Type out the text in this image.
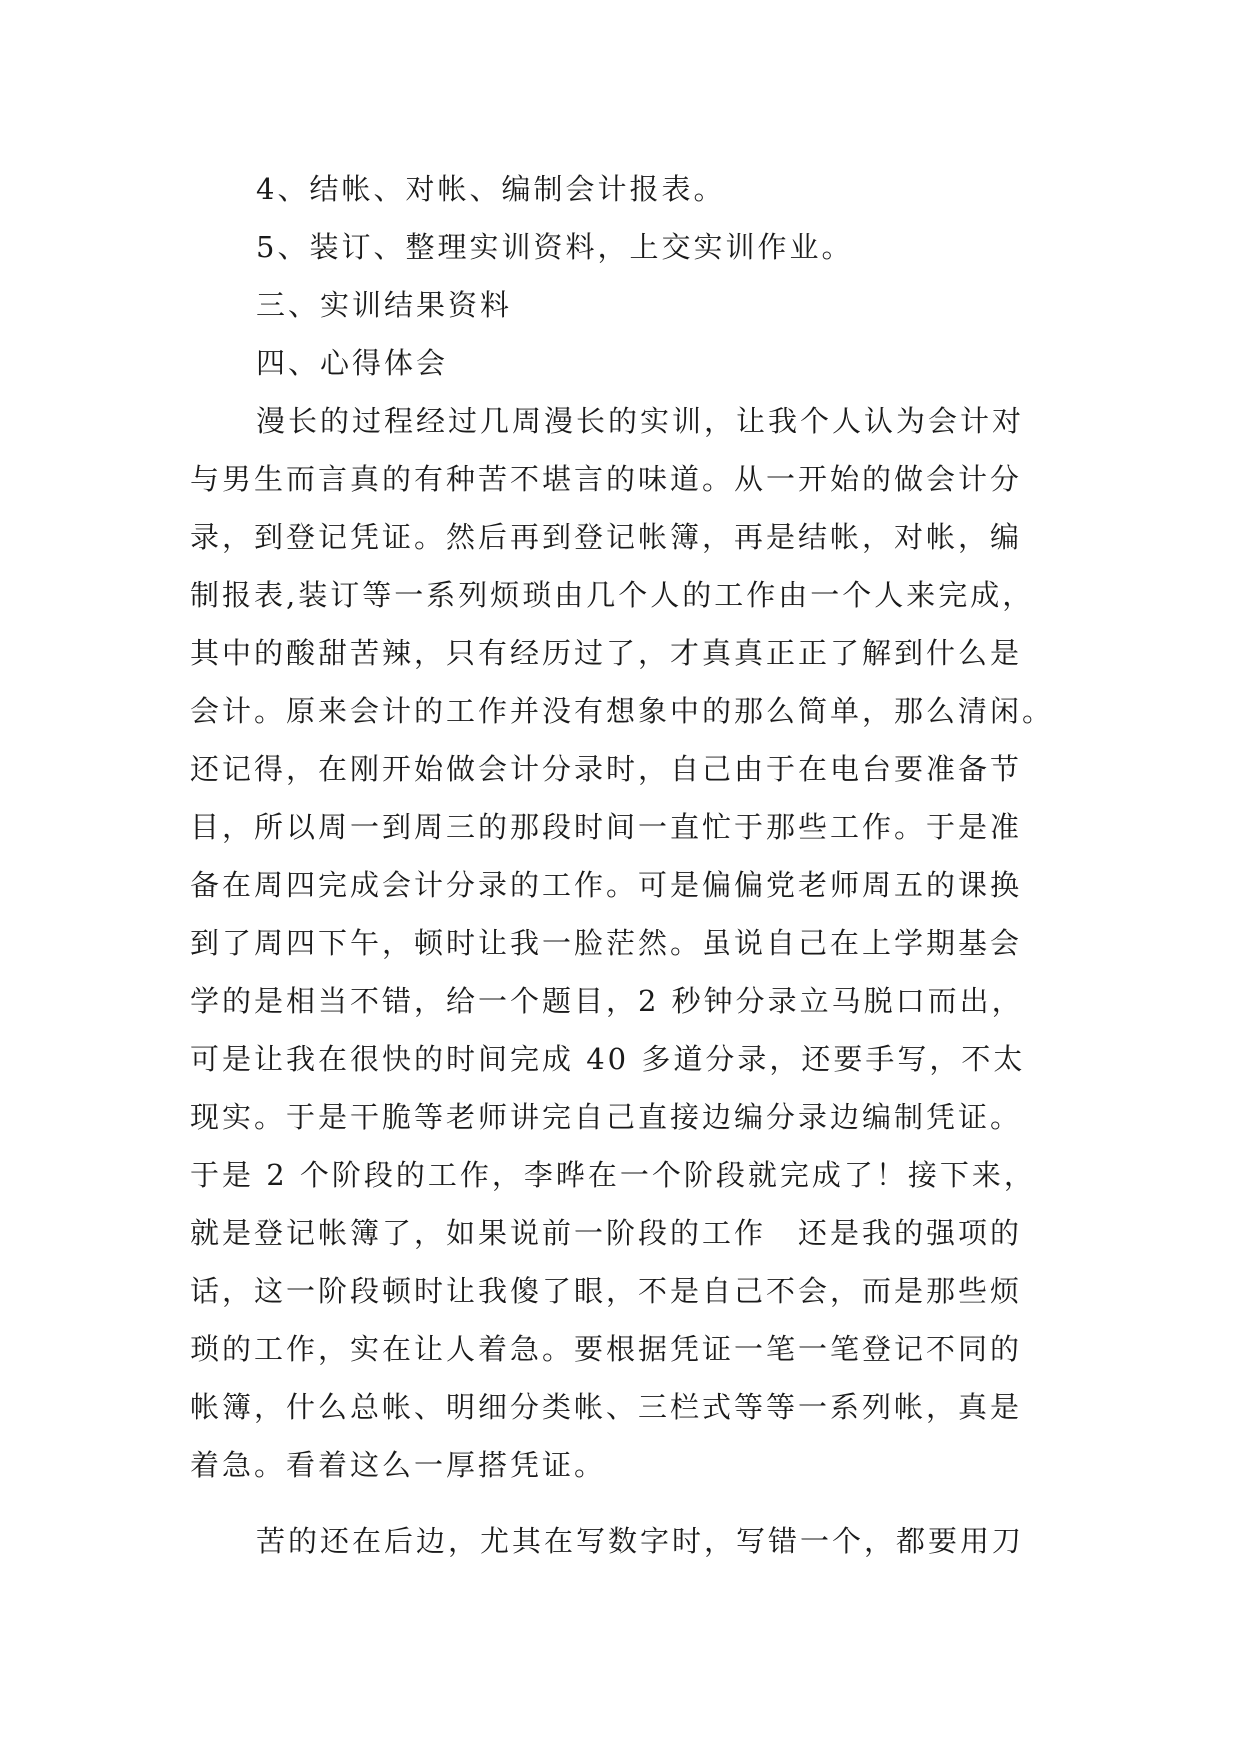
4、结帐、对帐、编制会计报表。
5、装订、整理实训资料，上交实训作业。
三、实训结果资料
四、心得体会
漫长的过程经过几周漫长的实训，让我个人认为会计对
与男生而言真的有种苦不堪言的味道。从一开始的做会计分
录，到登记凭证。然后再到登记帐簿，再是结帐，对帐，编
制报表,装订等一系列烦琐由几个人的工作由一个人来完成，
其中的酸甜苦辣，只有经历过了，才真真正正了解到什么是
会计。原来会计的工作并没有想象中的那么简单，那么清闲。
还记得，在刚开始做会计分录时，自己由于在电台要准备节
目，所以周一到周三的那段时间一直忙于那些工作。于是准
备在周四完成会计分录的工作。可是偏偏党老师周五的课换
到了周四下午，顿时让我一脸茫然。虽说自己在上学期基会
学的是相当不错，给一个题目，2 秒钟分录立马脱口而出，
可是让我在很快的时间完成 40 多道分录，还要手写，不太
现实。于是干脆等老师讲完自己直接边编分录边编制凭证。
于是 2 个阶段的工作，李晔在一个阶段就完成了！接下来，
就是登记帐簿了，如果说前一阶段的工作　还是我的强项的
话，这一阶段顿时让我傻了眼，不是自己不会，而是那些烦
琐的工作，实在让人着急。要根据凭证一笔一笔登记不同的
帐簿，什么总帐、明细分类帐、三栏式等等一系列帐，真是
着急。看着这么一厚搭凭证。
苦的还在后边，尤其在写数字时，写错一个，都要用刀
